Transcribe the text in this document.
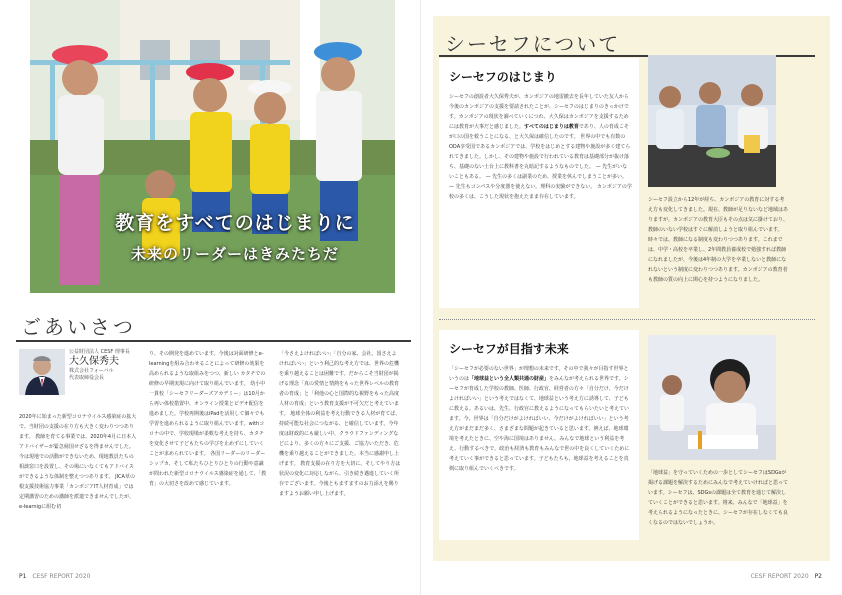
教育をすべてのはじまりに
未来のリーダーはきみたちだ
ごあいさつ
公益財団法人 CESF 理事長
大久保秀夫
株式会社フォーバル
代表取締役会長

2020年に始まった新型コロナウイルス感染症の拡大で、当財団の支援の在り方も大きく変わりつつあります。 教師を育てる事業では、2020年4月に日本人アドバイザーが緊急帰国せざるを得ませんでした。今は現地での活動ができないため、現地教員たちの相談窓口を設置し、その場にいなくてもアドバイスができるような体制を整えつつあります。 JICA草の根支援技術協力事業「カンボジアIT人材育成」では定期講習のための講師を派遣できませんでしたが、e-learnigに組む切

り、その開発を進めています。今後は対面研修とe-learningを組み合わせることによって研修の効果を高められるような取組みをつつ、新しい カタチでの研修の早期実現に向けて取り組んでいます。 幼小中一貫校「シーセフリーダーズアカデミー」は10月から再い体校措置中、オンライン授業とビデオ配信を進めました。学校再開後はiPadを活用して個々でも学習を進められるように取り組んでいます。withコロナの中で、学校現場が柔軟な考えを持ち、カタチを変化させて子どもたちの学びを止めずにしていくことが求められています。 各国リーダーのリーダーシップカ、そして私たちひとりひとりの行動や意識が問われた新型コロナウイルス感染症を通して、「教育」の大切さを改めて感じています。

「今さえよければいい」「自分の家、会社、国さえよければいい」という利己的な考え方では、世界の危機を乗り越えることは困難です。だからこそ当財団が掲げる理念「真の愛情と情熱をもった世界レベルの教育者の育成」と「利他の心と国際的な視野をもった高度人材の育成」という教育支援が不可欠だと考えています。 地球全体の利益を考え行動できる人材が育てば、持続可能な社会につながる、と確信しています。今年度は財政的にも厳しい中、クラウドファンディングなどにより、多くの方々にご支援、ご協力いただき、危機を乗り越えることができました。本当に感謝申し上げます。 教育支援の在り方を大切に、そしてやり方は状況の変化に対応しながら、引き続き邁進していく所存でございます。今後ともますますのお力添えを賜りますようお願い申し上げます。

P1 CESF REPORT 2020
シーセフについて
シーセフのはじまり

シーセフの創設者大久保秀夫が、カンボジアの地雷撤去を長年していた友人から今後のカンボジアの支援を要請されたことが、シーセフのはじまりのきっかけです。カンボジアの現状を調べていくにつれ、大久保はカンボジアを支援するためには教育が大事だと感じました。すべてのはじまりは教育であり、人の育成こそが口の国を救うことになる、と大久保は確信したのです。 世界の中でも有数のODA享受国であるカンボジアでは、学校をはじめとする建物や施設が多く建てられてきました。しかし、その建物や施設で行われている教育は基礎部分が抜け落ち、基礎のない土台上に教科書を丸暗記するようなものでした。 — 先生がいないこともある。 — 先生の多くは副業のため、授業を休んでしまうことが多い。 — 先生もコンパスや分度器を使えない。理科の実験ができない。 カンボジアの学校の多くは、こうした現状を抱えたまま存在しています。	シーセフ設立から12年が経ち、カンボジアの教育に対する考え方も変化してきました。現在、教師が足りないなど地域はありますが、カンボジアの教育大臣もその点は気に掛けており、教師のいない学校はすぐに解消しようと取り組んでいます。時々では、教師になる制度も変わりつつあります。これまでは、中学・高校を卒業し、2年間教員養成校で勉強すれば教師になれましたが、今後は4年制の大学を卒業しないと教師になれないという制度に変わりつつあります。カンボジアの教育者も教師の質の向上に関心を持つようになりました。

シーセフが目指す未来

「シーセフが必要のない世界」が理想の未来です。その中で我々が目指す世界というのは「地球益という全人類共通の財産」をみんなが考えられる世界です。シーセフが育成した学校の教師、医師、行政官、経営者の方々「自分だけ、今だけよければいい」という考えではなくて、地球益という考え方に誘導して、子どもに教える。あるいは、先生、行政官に教えるようになってもらいたいと考えています。今、世界は「自分だけがよければいい、今だけがよければいい」という考え方がまだまだ多く、さまざまな問題が起きていると思います。例えば、地球環境を考えたときに、空や海に国境はありません。みんなで地球という利益を考え、行動するべきで、政治も経済も教育もみんなで世の中を良くしていくために考えていく事ができると思っています。子どもたちも、地球益を考えることを真剣に取り組んでいくべきです。

「地球益」を守っていくための一歩としてシーセフはSDGsが掲げる課題を解決するためにみんなで考えていければと思っています。シーセフは、SDGsの課題は全て教育を通じて解決していくことができると思います。将来、みんなで「地球益」を考えられるようになったときに、シーセフが存在しなくても良くなるのではないでしょうか。

CESF REPORT 2020 P2
